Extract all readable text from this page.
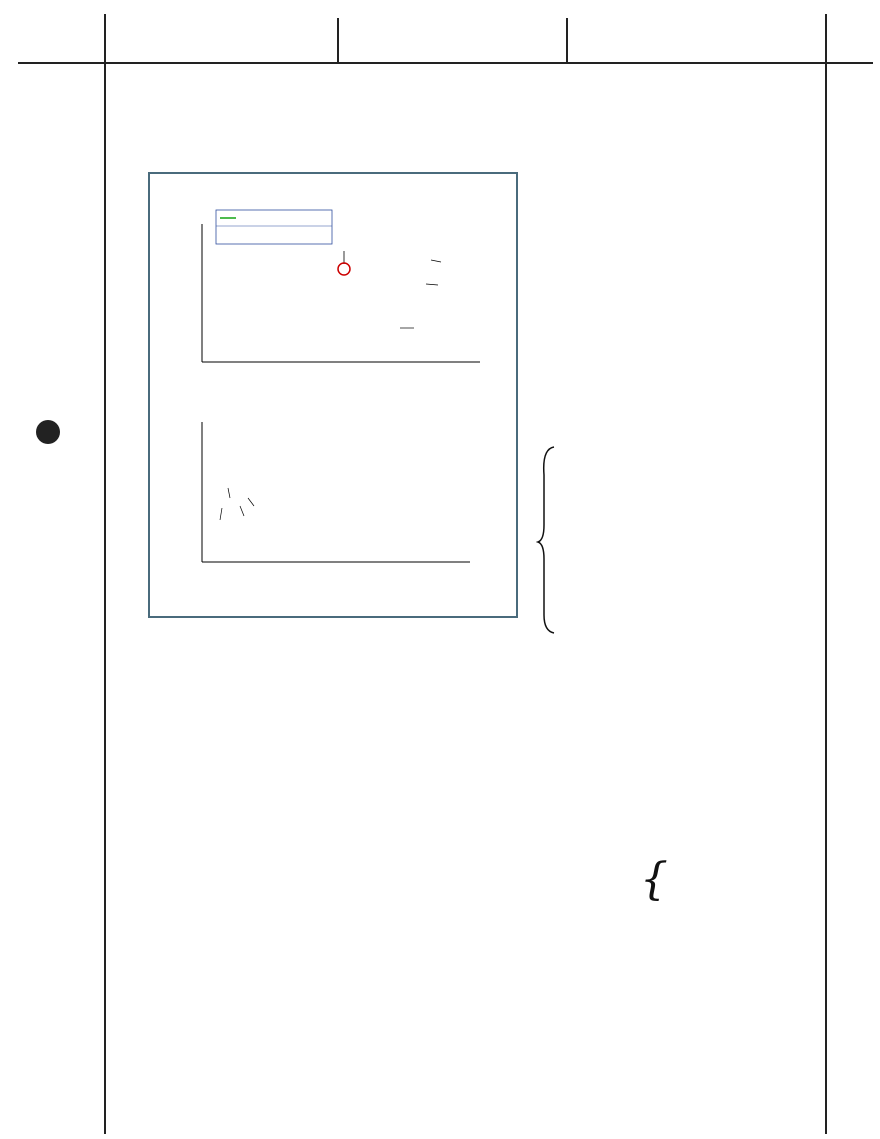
{
